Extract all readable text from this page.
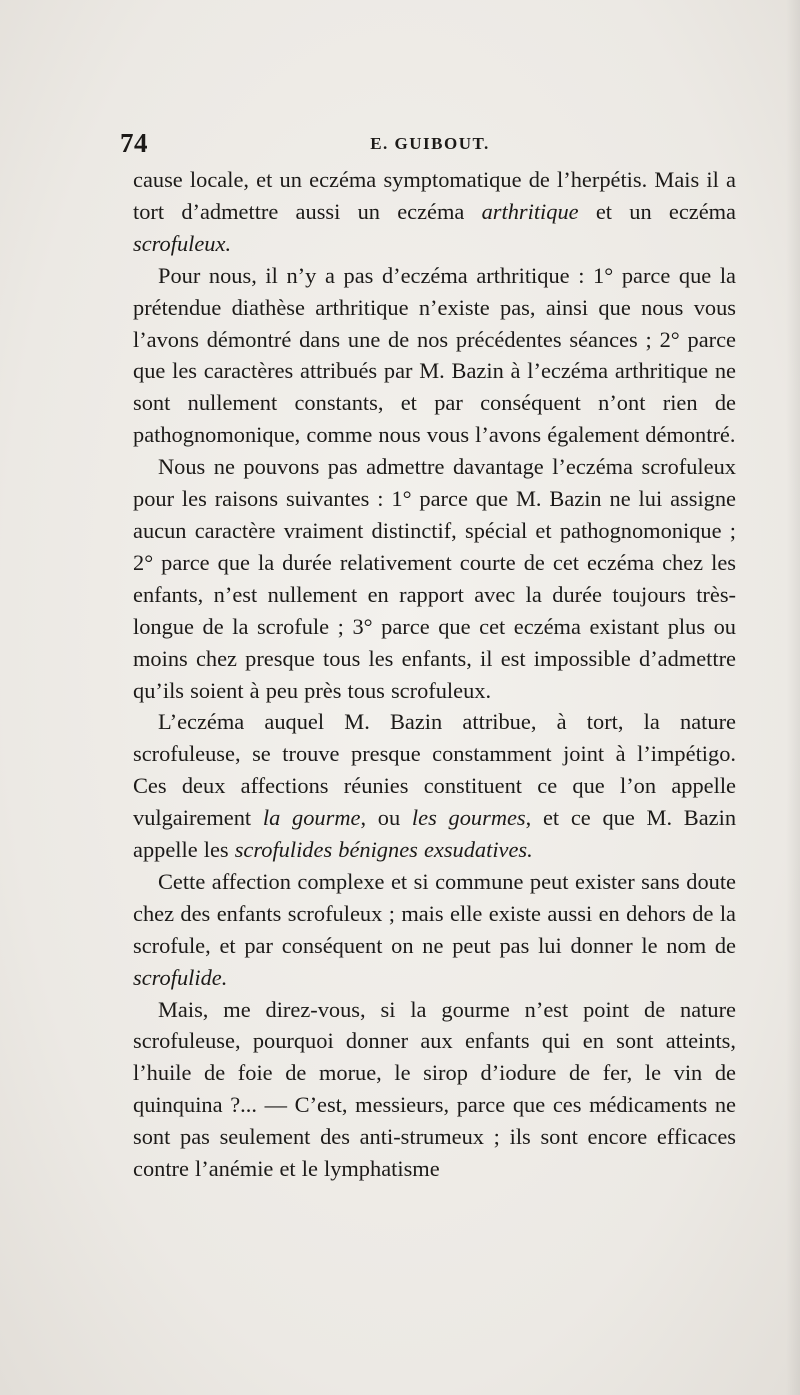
74	E. GUIBOUT.

cause locale, et un eczéma symptomatique de l’herpétis. Mais il a tort d’admettre aussi un eczéma arthritique et un eczéma scrofuleux.

Pour nous, il n’y a pas d’eczéma arthritique : 1° parce que la prétendue diathèse arthritique n’existe pas, ainsi que nous vous l’avons démontré dans une de nos précédentes séances ; 2° parce que les caractères attribués par M. Bazin à l’eczéma arthritique ne sont nullement constants, et par conséquent n’ont rien de pathognomonique, comme nous vous l’avons également démontré.

Nous ne pouvons pas admettre davantage l’eczéma scrofuleux pour les raisons suivantes : 1° parce que M. Bazin ne lui assigne aucun caractère vraiment distinctif, spécial et pathognomonique ; 2° parce que la durée relativement courte de cet eczéma chez les enfants, n’est nullement en rapport avec la durée toujours très-longue de la scrofule ; 3° parce que cet eczéma existant plus ou moins chez presque tous les enfants, il est impossible d’admettre qu’ils soient à peu près tous scrofuleux.

L’eczéma auquel M. Bazin attribue, à tort, la nature scrofuleuse, se trouve presque constamment joint à l’impétigo. Ces deux affections réunies constituent ce que l’on appelle vulgairement la gourme, ou les gourmes, et ce que M. Bazin appelle les scrofulides bénignes exsudatives.

Cette affection complexe et si commune peut exister sans doute chez des enfants scrofuleux ; mais elle existe aussi en dehors de la scrofule, et par conséquent on ne peut pas lui donner le nom de scrofulide.

Mais, me direz-vous, si la gourme n’est point de nature scrofuleuse, pourquoi donner aux enfants qui en sont atteints, l’huile de foie de morue, le sirop d’iodure de fer, le vin de quinquina ?... — C’est, messieurs, parce que ces médicaments ne sont pas seulement des anti-strumeux ; ils sont encore efficaces contre l’anémie et le lymphatisme
